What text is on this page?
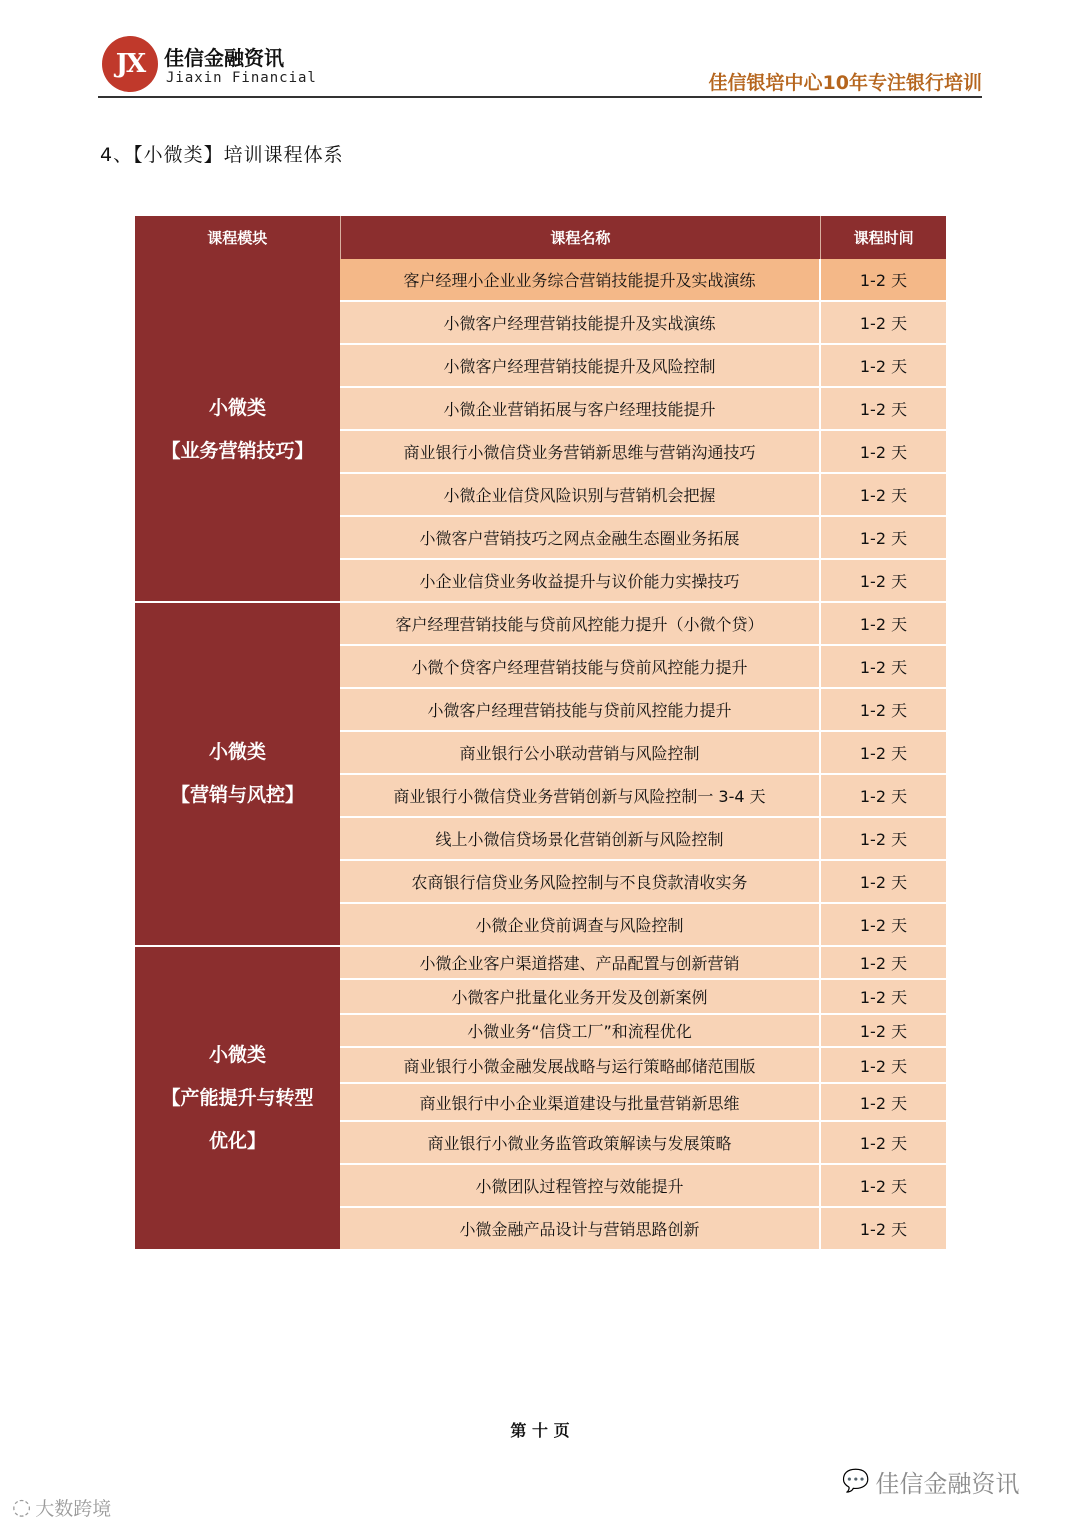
JX 佳信金融资讯
Jiaxin Financial	佳信银培中心10年专注银行培训
4、【小微类】培训课程体系
课程模块	课程名称	课程时间
小微类
【业务营销技巧】
客户经理小企业业务综合营销技能提升及实战演练	1-2 天
小微客户经理营销技能提升及实战演练	1-2 天
小微客户经理营销技能提升及风险控制	1-2 天
小微企业营销拓展与客户经理技能提升	1-2 天
商业银行小微信贷业务营销新思维与营销沟通技巧	1-2 天
小微企业信贷风险识别与营销机会把握	1-2 天
小微客户营销技巧之网点金融生态圈业务拓展	1-2 天
小企业信贷业务收益提升与议价能力实操技巧	1-2 天
小微类
【营销与风控】
客户经理营销技能与贷前风控能力提升（小微个贷）	1-2 天
小微个贷客户经理营销技能与贷前风控能力提升	1-2 天
小微客户经理营销技能与贷前风控能力提升	1-2 天
商业银行公小联动营销与风险控制	1-2 天
商业银行小微信贷业务营销创新与风险控制一 3-4 天	1-2 天
线上小微信贷场景化营销创新与风险控制	1-2 天
农商银行信贷业务风险控制与不良贷款清收实务	1-2 天
小微企业贷前调查与风险控制	1-2 天
小微类
【产能提升与转型
优化】
小微企业客户渠道搭建、产品配置与创新营销	1-2 天
小微客户批量化业务开发及创新案例	1-2 天
小微业务“信贷工厂”和流程优化	1-2 天
商业银行小微金融发展战略与运行策略邮储范围版	1-2 天
商业银行中小企业渠道建设与批量营销新思维	1-2 天
商业银行小微业务监管政策解读与发展策略	1-2 天
小微团队过程管控与效能提升	1-2 天
小微金融产品设计与营销思路创新	1-2 天
第 十 页
💬 佳信金融资讯
◌ 大数跨境
